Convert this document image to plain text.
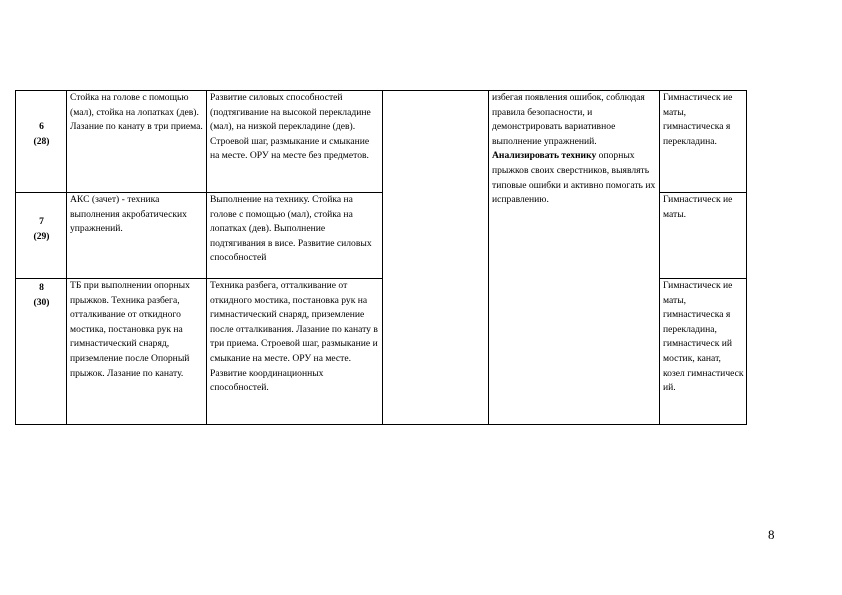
6
(28)	Стойка на голове с помощью (мал), стойка на лопатках (дев). Лазание по канату в три приема.	Развитие силовых способностей (подтягивание на высокой перекладине (мал), на низкой перекладине (дев). Строевой шаг, размыкание и смыкание на месте. ОРУ на месте без предметов.		избегая появления ошибок, соблюдая правила безопасности, и демонстрировать вариативное выполнение упражнений. Анализировать технику опорных прыжков своих сверстников, выявлять типовые ошибки и активно помогать их исправлению.	Гимнастическ ие маты, гимнастическа я перекладина.

7
(29)	АКС (зачет) - техника выполнения акробатических упражнений.	Выполнение на технику. Стойка на голове с помощью (мал), стойка на лопатках (дев). Выполнение подтягивания в висе. Развитие силовых способностей			Гимнастическ ие маты.

8
(30)	ТБ при выполнении опорных прыжков. Техника разбега, отталкивание от откидного мостика, постановка рук на гимнастический снаряд, приземление после Опорный прыжок. Лазание по канату.	Техника разбега, отталкивание от откидного мостика, постановка рук на гимнастический снаряд, приземление после отталкивания. Лазание по канату в три приема. Строевой шаг, размыкание и смыкание на месте. ОРУ на месте. Развитие координационных способностей.			Гимнастическ ие маты, гимнастическа я перекладина, гимнастическ ий мостик, канат, козел гимнастическ ий.
8
